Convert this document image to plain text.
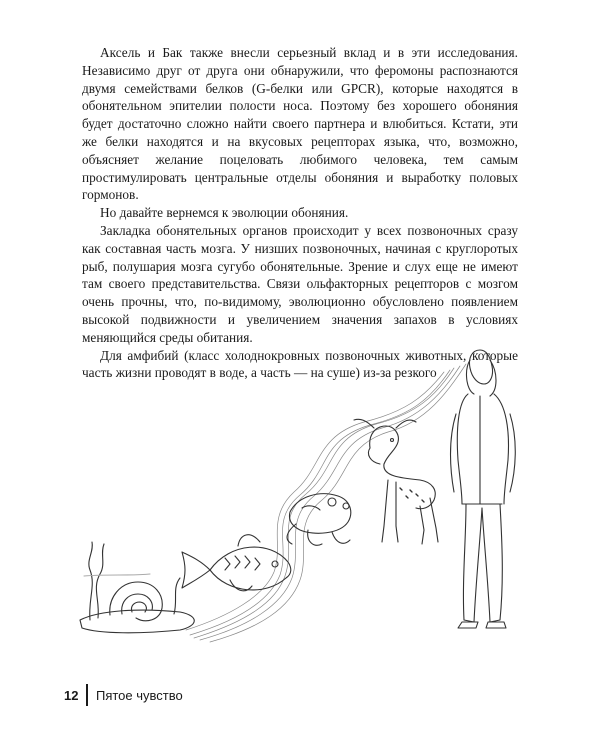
Аксель и Бак также внесли серьезный вклад и в эти исследования. Независимо друг от друга они обнаружили, что феромоны распознаются двумя семействами белков (G-белки или GPCR), которые находятся в обонятельном эпителии полости носа. Поэтому без хорошего обоняния будет достаточно сложно найти своего партнера и влюбиться. Кстати, эти же белки находятся и на вкусовых рецепторах языка, что, возможно, объясняет желание поцеловать любимого человека, тем самым простимулировать центральные отделы обоняния и выработку половых гормонов.

Но давайте вернемся к эволюции обоняния.

Закладка обонятельных органов происходит у всех позвоночных сразу как составная часть мозга. У низших позвоночных, начиная с круглоротых рыб, полушария мозга сугубо обонятельные. Зрение и слух еще не имеют там своего представительства. Связи ольфакторных рецепторов с мозгом очень прочны, что, по-видимому, эволюционно обусловлено появлением высокой подвижности и увеличением значения запахов в условиях меняющийся среды обитания.

Для амфибий (класс холоднокровных позвоночных животных, которые часть жизни проводят в воде, а часть — на суше) из-за резкого

12	Пятое чувство
